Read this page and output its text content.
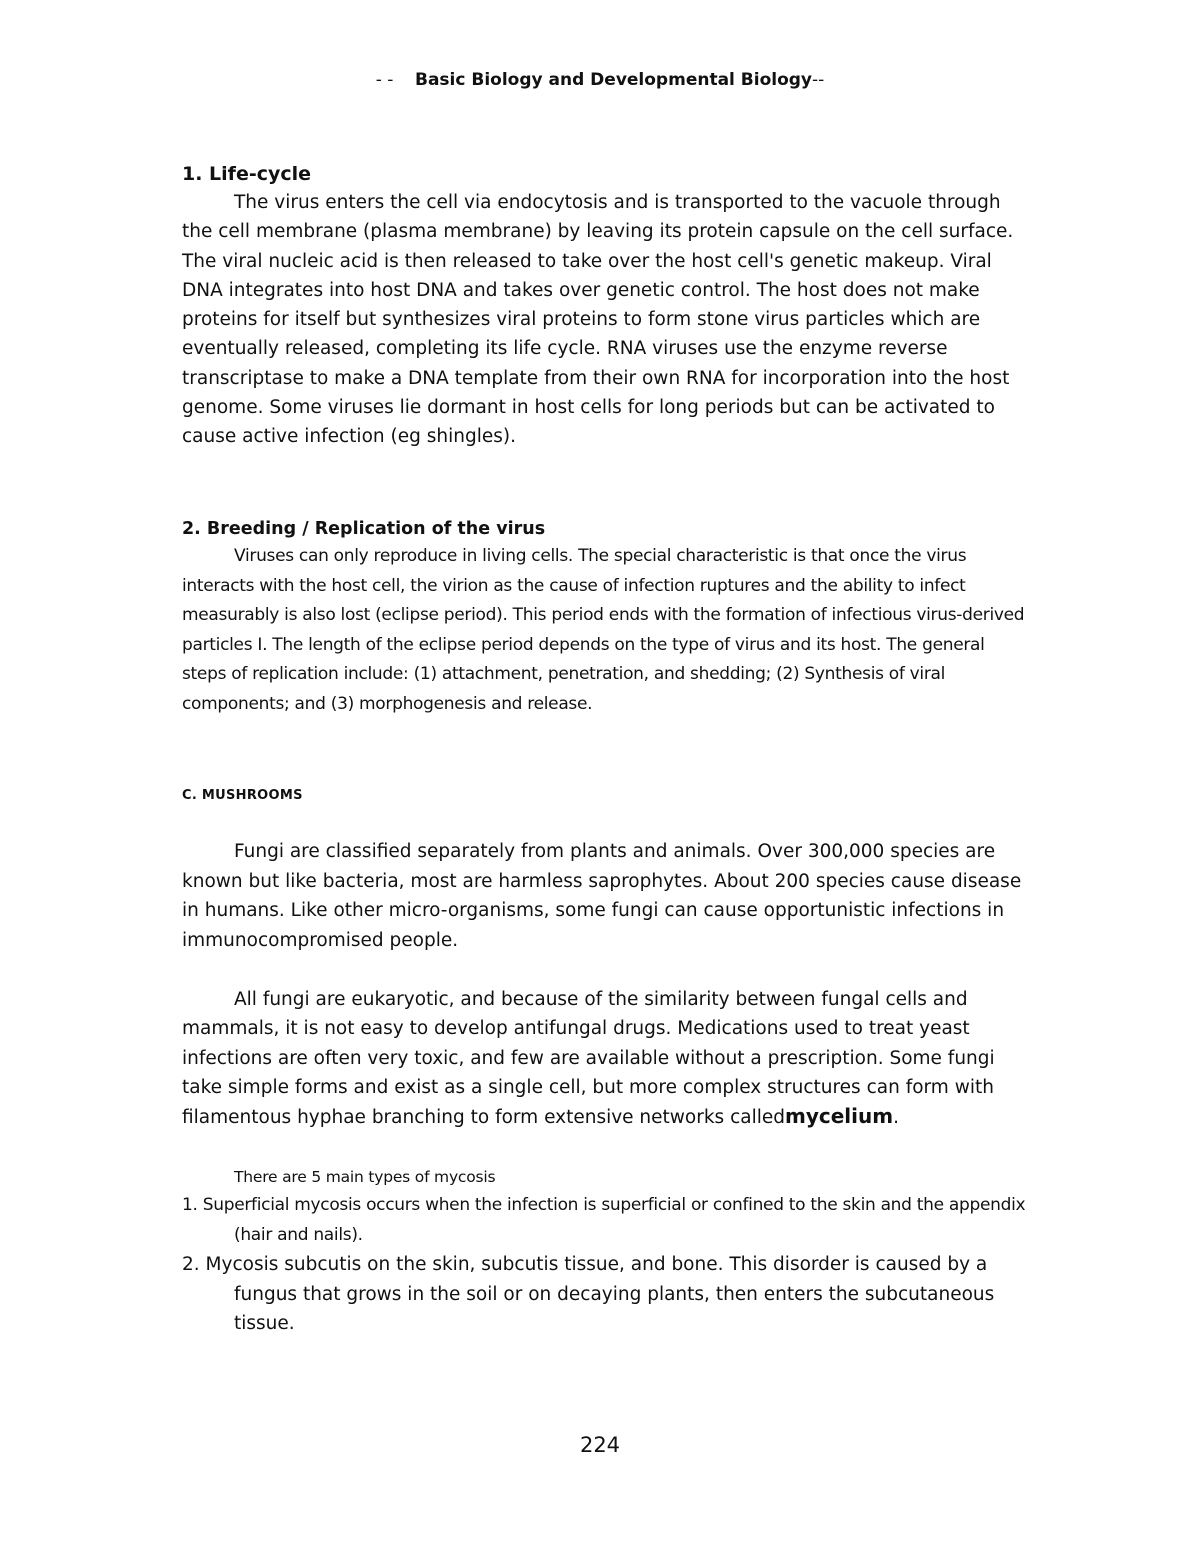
- - Basic Biology and Developmental Biology--
1. Life-cycle

The virus enters the cell via endocytosis and is transported to the vacuole through the cell membrane (plasma membrane) by leaving its protein capsule on the cell surface. The viral nucleic acid is then released to take over the host cell's genetic makeup. Viral DNA integrates into host DNA and takes over genetic control. The host does not make proteins for itself but synthesizes viral proteins to form stone virus particles which are eventually released, completing its life cycle. RNA viruses use the enzyme reverse transcriptase to make a DNA template from their own RNA for incorporation into the host genome. Some viruses lie dormant in host cells for long periods but can be activated to cause active infection (eg shingles).

2. Breeding / Replication of the virus

Viruses can only reproduce in living cells. The special characteristic is that once the virus interacts with the host cell, the virion as the cause of infection ruptures and the ability to infect measurably is also lost (eclipse period). This period ends with the formation of infectious virus-derived particles I. The length of the eclipse period depends on the type of virus and its host. The general steps of replication include: (1) attachment, penetration, and shedding; (2) Synthesis of viral components; and (3) morphogenesis and release.

C. MUSHROOMS

Fungi are classified separately from plants and animals. Over 300,000 species are known but like bacteria, most are harmless saprophytes. About 200 species cause disease in humans. Like other micro-organisms, some fungi can cause opportunistic infections in immunocompromised people.

All fungi are eukaryotic, and because of the similarity between fungal cells and mammals, it is not easy to develop antifungal drugs. Medications used to treat yeast infections are often very toxic, and few are available without a prescription. Some fungi take simple forms and exist as a single cell, but more complex structures can form with filamentous hyphae branching to form extensive networks calledmycelium.

There are 5 main types of mycosis
1. Superficial mycosis occurs when the infection is superficial or confined to the skin and the appendix (hair and nails).
2. Mycosis subcutis on the skin, subcutis tissue, and bone. This disorder is caused by a fungus that grows in the soil or on decaying plants, then enters the subcutaneous tissue.
224
